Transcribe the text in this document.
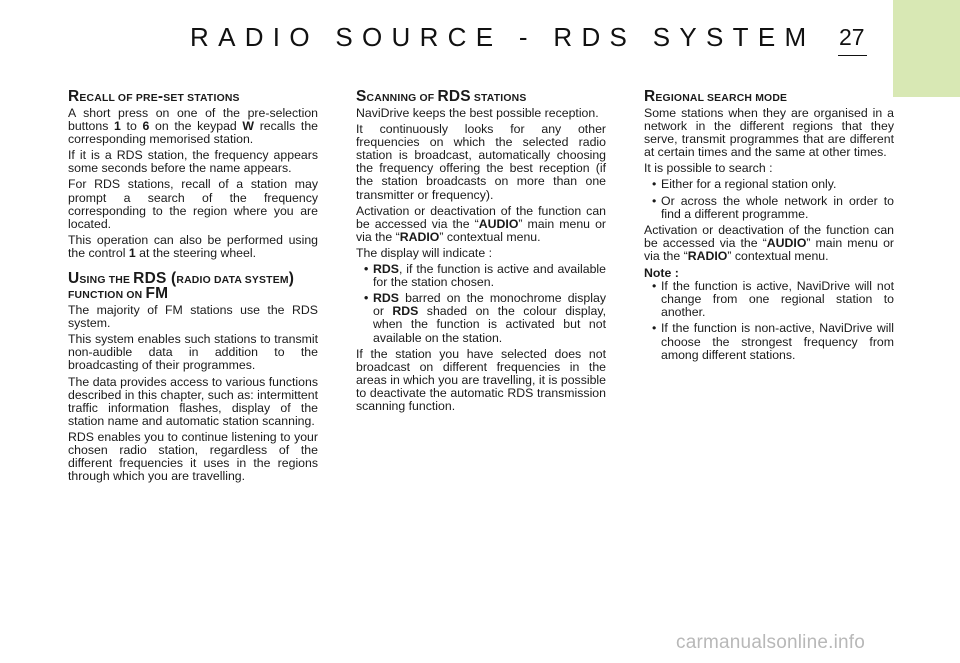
RADIO SOURCE - RDS SYSTEM 27
RECALL OF PRE-SET STATIONS

A short press on one of the pre-selection buttons 1 to 6 on the keypad W recalls the corresponding memorised station.

If it is a RDS station, the frequency appears some seconds before the name appears.

For RDS stations, recall of a station may prompt a search of the frequency corresponding to the region where you are located.

This operation can also be performed using the control 1 at the steering wheel.

USING THE RDS (RADIO DATA SYSTEM)
FUNCTION ON FM

The majority of FM stations use the RDS system.

This system enables such stations to transmit non-audible data in addition to the broadcasting of their programmes.

The data provides access to various functions described in this chapter, such as: intermittent traffic information flashes, display of the station name and automatic station scanning.

RDS enables you to continue listening to your chosen radio station, regardless of the different frequencies it uses in the regions through which you are travelling.

SCANNING OF RDS STATIONS

NaviDrive keeps the best possible reception.

It continuously looks for any other frequencies on which the selected radio station is broadcast, automatically choosing the frequency offering the best reception (if the station broadcasts on more than one transmitter or frequency).

Activation or deactivation of the function can be accessed via the “AUDIO” main menu or via the “RADIO” contextual menu.

The display will indicate :

• RDS, if the function is active and available for the station chosen.
• RDS barred on the monochrome display or RDS shaded on the colour display, when the function is activated but not available on the station.

If the station you have selected does not broadcast on different frequencies in the areas in which you are travelling, it is possible to deactivate the automatic RDS transmission scanning function.

REGIONAL SEARCH MODE

Some stations when they are organised in a network in the different regions that they serve, transmit programmes that are different at certain times and the same at other times.

It is possible to search :

• Either for a regional station only.
• Or across the whole network in order to find a different programme.

Activation or deactivation of the function can be accessed via the “AUDIO” main menu or via the “RADIO” contextual menu.

Note :
• If the function is active, NaviDrive will not change from one regional station to another.
• If the function is non-active, NaviDrive will choose the strongest frequency from among different stations.
carmanualsonline.info
